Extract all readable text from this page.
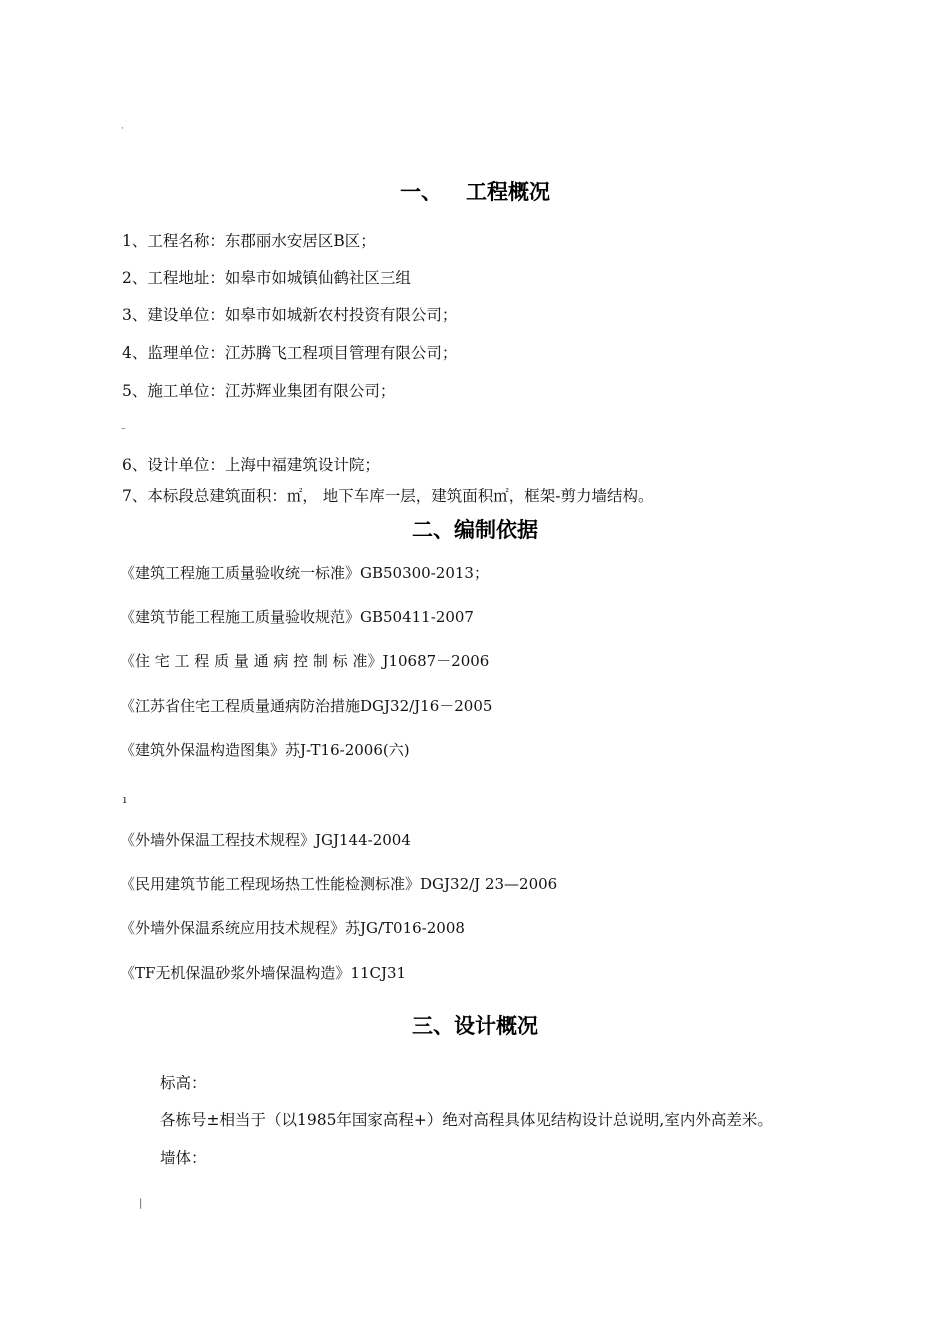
·
一、 工程概况
1、工程名称：东郡丽水安居区B区；
2、工程地址：如皋市如城镇仙鹤社区三组
3、建设单位：如皋市如城新农村投资有限公司；
4、监理单位：江苏腾飞工程项目管理有限公司；
5、施工单位：江苏辉业集团有限公司；
–
6、设计单位：上海中福建筑设计院；
7、本标段总建筑面积：㎡， 地下车库一层，建筑面积㎡，框架-剪力墙结构。
二、编制依据
《建筑工程施工质量验收统一标准》GB50300-2013；
《建筑节能工程施工质量验收规范》GB50411-2007
《住 宅 工 程 质 量 通 病 控 制 标 准》J10687－2006
《江苏省住宅工程质量通病防治措施DGJ32/J16－2005
《建筑外保温构造图集》苏J-T16-2006(六)
ı
《外墙外保温工程技术规程》JGJ144-2004
《民用建筑节能工程现场热工性能检测标准》DGJ32/J 23—2006
《外墙外保温系统应用技术规程》苏JG/T016-2008
《TF无机保温砂浆外墙保温构造》11CJ31
三、设计概况
标高：
各栋号±相当于（以1985年国家高程+）绝对高程具体见结构设计总说明,室内外高差米。
墙体：
|
